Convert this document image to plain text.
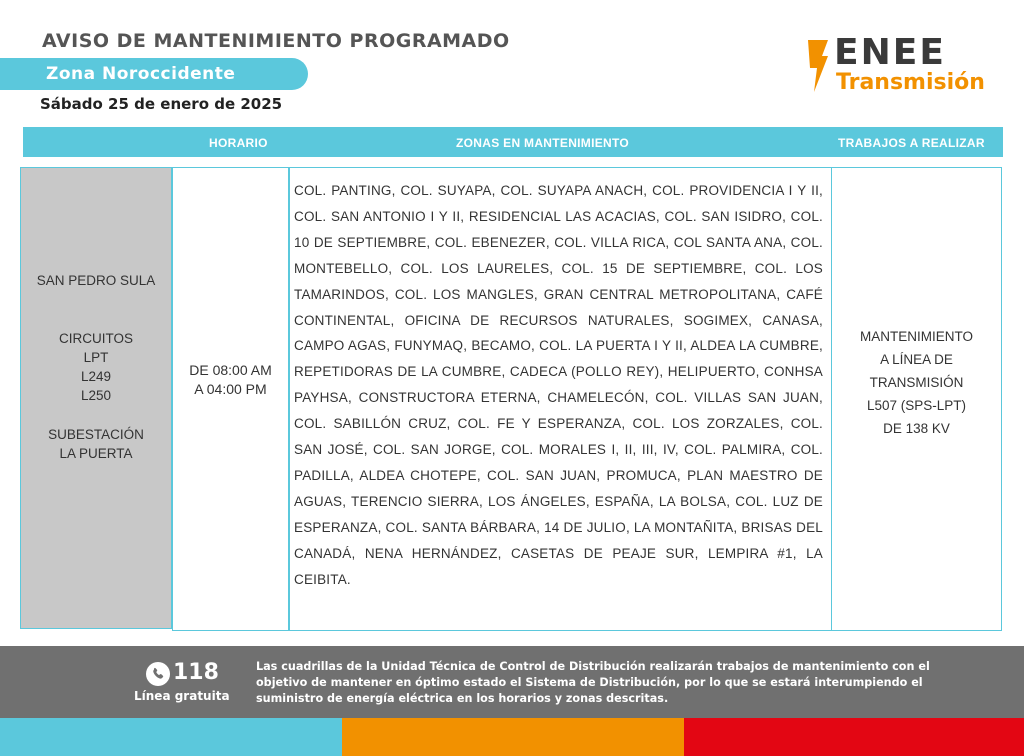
AVISO DE MANTENIMIENTO PROGRAMADO
Zona Noroccidente
Sábado 25 de enero de 2025
ENEE
Transmisión
HORARIO	ZONAS EN MANTENIMIENTO	TRABAJOS A REALIZAR
SAN PEDRO SULA
CIRCUITOS
LPT
L249
L250
SUBESTACIÓN
LA PUERTA
DE 08:00 AM
A 04:00 PM
COL. PANTING, COL. SUYAPA, COL. SUYAPA ANACH, COL. PROVIDENCIA I Y II, COL. SAN ANTONIO I Y II, RESIDENCIAL LAS ACACIAS, COL. SAN ISIDRO, COL. 10 DE SEPTIEMBRE, COL. EBENEZER, COL. VILLA RICA, COL SANTA ANA, COL. MONTEBELLO, COL. LOS LAURELES, COL. 15 DE SEPTIEMBRE, COL. LOS TAMARINDOS, COL. LOS MANGLES, GRAN CENTRAL METROPOLITANA, CAFÉ CONTINENTAL, OFICINA DE RECURSOS NATURALES, SOGIMEX, CANASA, CAMPO AGAS, FUNYMAQ, BECAMO, COL. LA PUERTA I Y II, ALDEA LA CUMBRE, REPETIDORAS DE LA CUMBRE, CADECA (POLLO REY), HELIPUERTO, CONHSA PAYHSA, CONSTRUCTORA ETERNA, CHAMELECÓN, COL. VILLAS SAN JUAN, COL. SABILLÓN CRUZ, COL. FE Y ESPERANZA, COL. LOS ZORZALES, COL. SAN JOSÉ, COL. SAN JORGE, COL. MORALES I, II, III, IV, COL. PALMIRA, COL. PADILLA, ALDEA CHOTEPE, COL. SAN JUAN, PROMUCA, PLAN MAESTRO DE AGUAS, TERENCIO SIERRA, LOS ÁNGELES, ESPAÑA, LA BOLSA, COL. LUZ DE ESPERANZA, COL. SANTA BÁRBARA, 14 DE JULIO, LA MONTAÑITA, BRISAS DEL CANADÁ, NENA HERNÁNDEZ, CASETAS DE PEAJE SUR, LEMPIRA #1, LA CEIBITA.
MANTENIMIENTO
A LÍNEA DE
TRANSMISIÓN
L507 (SPS-LPT)
DE 138 KV
118
Línea gratuita
Las cuadrillas de la Unidad Técnica de Control de Distribución realizarán trabajos de mantenimiento con el objetivo de mantener en óptimo estado el Sistema de Distribución, por lo que se estará interumpiendo el suministro de energía eléctrica en los horarios y zonas descritas.
